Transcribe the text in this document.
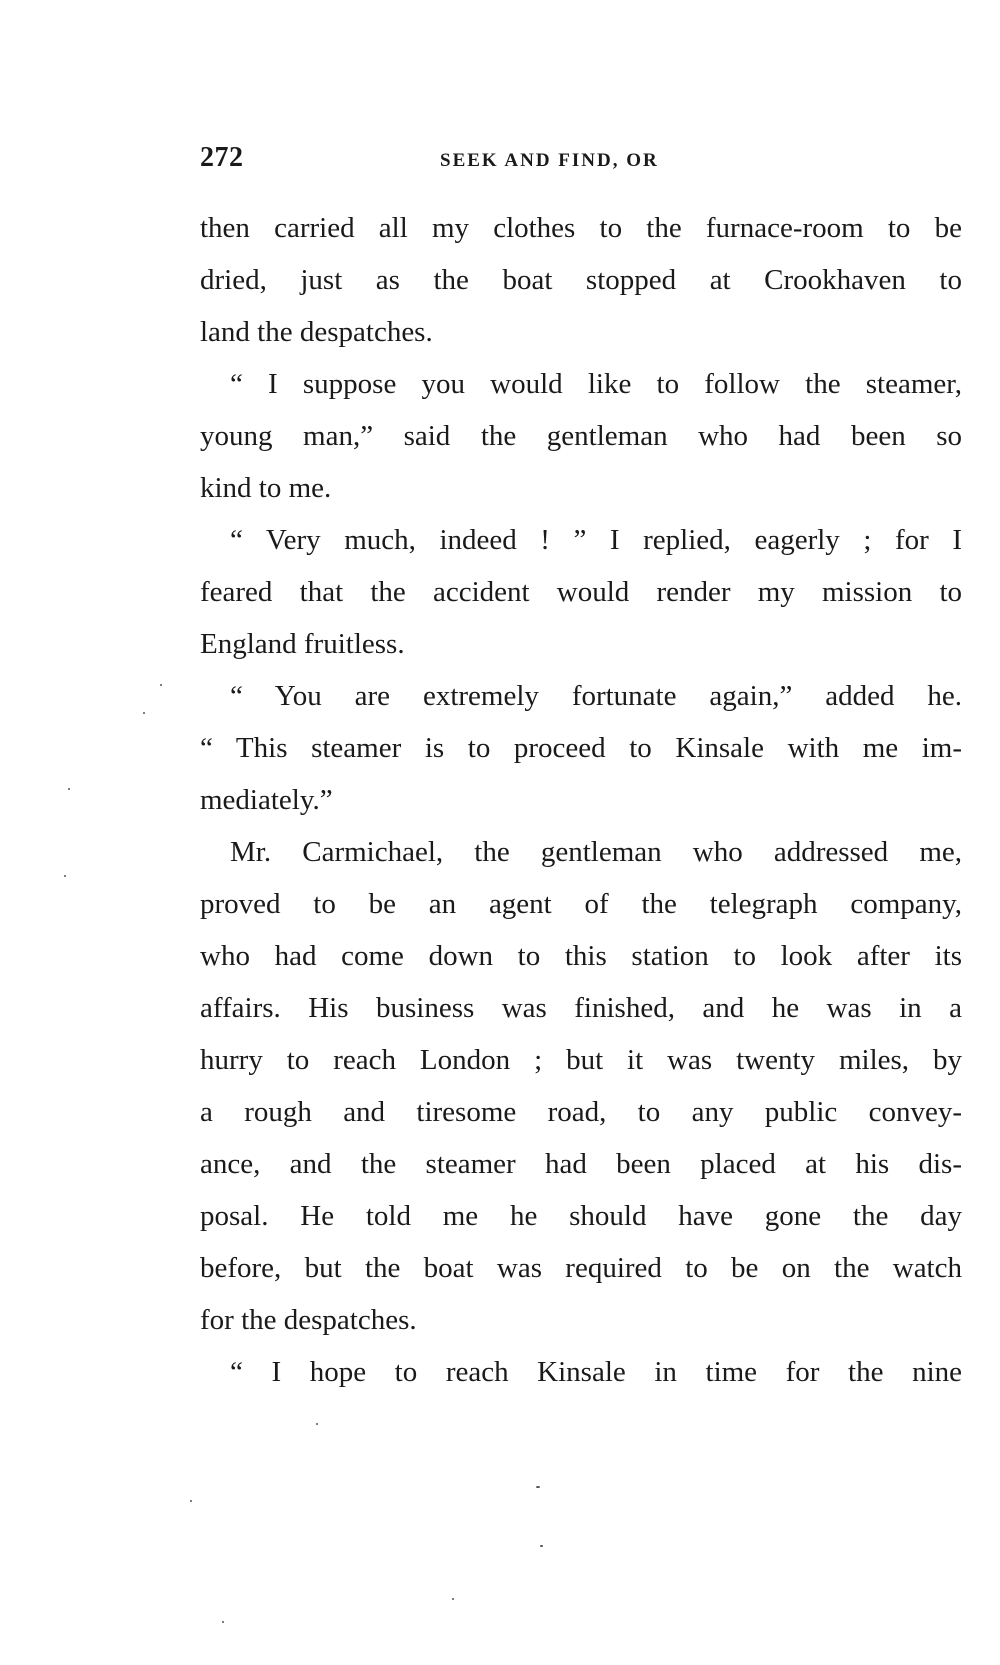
272	SEEK AND FIND, OR
then carried all my clothes to the furnace-room to be
dried, just as the boat stopped at Crookhaven to
land the despatches.
“ I suppose you would like to follow the steamer,
young man,” said the gentleman who had been so
kind to me.
“ Very much, indeed ! ” I replied, eagerly ; for I
feared that the accident would render my mission to
England fruitless.
“ You are extremely fortunate again,” added he.
“ This steamer is to proceed to Kinsale with me im-
mediately.”
Mr. Carmichael, the gentleman who addressed me,
proved to be an agent of the telegraph company,
who had come down to this station to look after its
affairs. His business was finished, and he was in a
hurry to reach London ; but it was twenty miles, by
a rough and tiresome road, to any public convey-
ance, and the steamer had been placed at his dis-
posal. He told me he should have gone the day
before, but the boat was required to be on the watch
for the despatches.
“ I hope to reach Kinsale in time for the nine
